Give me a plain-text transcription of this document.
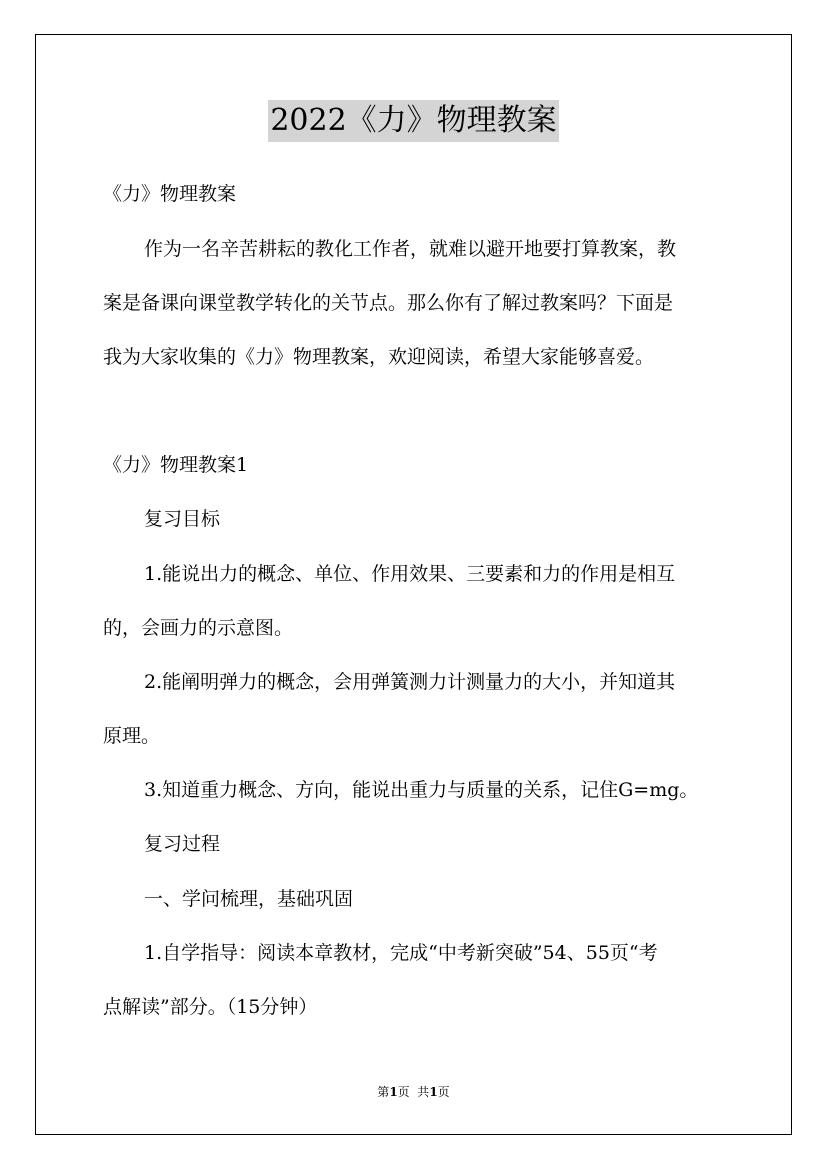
2022《力》物理教案
《力》物理教案
作为一名辛苦耕耘的教化工作者，就难以避开地要打算教案，教
案是备课向课堂教学转化的关节点。那么你有了解过教案吗？下面是
我为大家收集的《力》物理教案，欢迎阅读，希望大家能够喜爱。
《力》物理教案1
复习目标
1.能说出力的概念、单位、作用效果、三要素和力的作用是相互
的，会画力的示意图。
2.能阐明弹力的概念，会用弹簧测力计测量力的大小，并知道其
原理。
3.知道重力概念、方向，能说出重力与质量的关系，记住G=mg。
复习过程
一、学问梳理，基础巩固
1.自学指导：阅读本章教材，完成“中考新突破”54、55页“考
点解读”部分。（15分钟）
第1页  共1页
